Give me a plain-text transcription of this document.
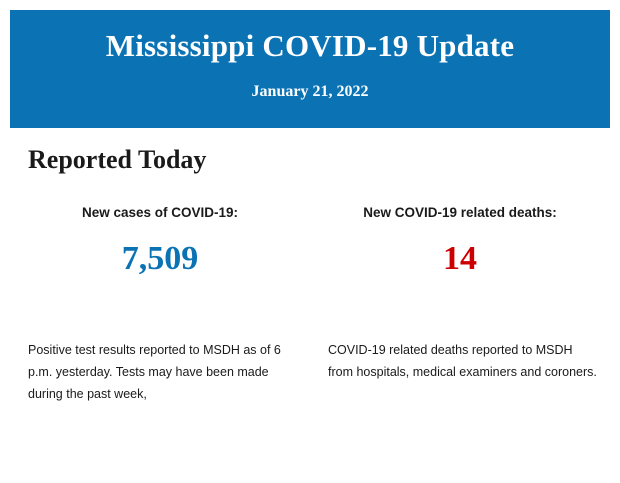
Mississippi COVID-19 Update

January 21, 2022

Reported Today

New cases of COVID-19:

7,509

New COVID-19 related deaths:

14

Positive test results reported to MSDH as of 6 p.m. yesterday. Tests may have been made during the past week,
COVID-19 related deaths reported to MSDH from hospitals, medical examiners and coroners.
